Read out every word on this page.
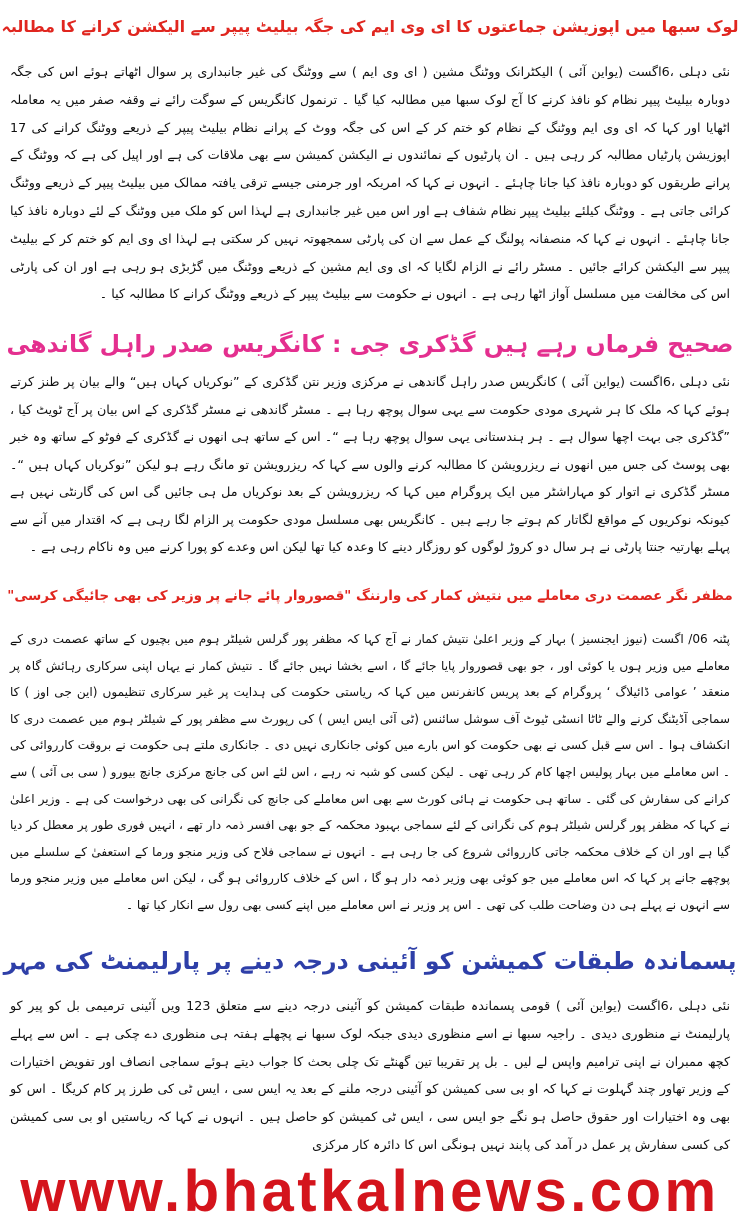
لوک سبھا میں اپوزیشن جماعتوں کا ای وی ایم کی جگہ بیلیٹ پیپر سے الیکشن کرانے کا مطالبہ

نئی دہلی ،6اگست (یواین آئی ) الیکٹرانک ووٹنگ مشین ( ای وی ایم ) سے ووٹنگ کی غیر جانبداری پر سوال اٹھاتے ہوئے اس کی جگہ دوبارہ بیلیٹ پیپر نظام کو نافذ کرنے کا آج لوک سبھا میں مطالبہ کیا گیا ۔ ترنمول کانگریس کے سوگت رائے نے وقفہ صفر میں یہ معاملہ اٹھایا اور کہا کہ ای وی ایم ووٹنگ کے نظام کو ختم کر کے اس کی جگہ ووٹ کے پرانے نظام بیلیٹ پیپر کے ذریعے ووٹنگ کرانے کی 17 اپوزیشن پارٹیاں مطالبہ کر رہی ہیں ۔ ان پارٹیوں کے نمائندوں نے الیکشن کمیشن سے بھی ملاقات کی ہے اور اپیل کی ہے کہ ووٹنگ کے پرانے طریقوں کو دوبارہ نافذ کیا جانا چاہئے ۔ انہوں نے کہا کہ امریکہ اور جرمنی جیسے ترقی یافتہ ممالک میں بیلیٹ پیپر کے ذریعے ووٹنگ کرائی جاتی ہے ۔ ووٹنگ کیلئے بیلیٹ پیپر نظام شفاف ہے اور اس میں غیر جانبداری ہے لہذا اس کو ملک میں ووٹنگ کے لئے دوبارہ نافذ کیا جانا چاہئے ۔ انہوں نے کہا کہ منصفانہ پولنگ کے عمل سے ان کی پارٹی سمجھوتہ نہیں کر سکتی ہے لہذا ای وی ایم کو ختم کر کے بیلیٹ پیپر سے الیکشن کرائے جائیں ۔ مسٹر رائے نے الزام لگایا کہ ای وی ایم مشین کے ذریعے ووٹنگ میں گڑبڑی ہو رہی ہے اور ان کی پارٹی اس کی مخالفت میں مسلسل آواز اٹھا رہی ہے ۔ انہوں نے حکومت سے بیلیٹ پیپر کے ذریعے ووٹنگ کرانے کا مطالبہ کیا ۔

صحیح فرماں رہے ہیں گڈکری جی : کانگریس صدر راہل گاندھی

نئی دہلی ،6اگست (یواین آئی ) کانگریس صدر راہل گاندھی نے مرکزی وزیر نتن گڈکری کے ”نوکریاں کہاں ہیں“ والے بیان پر طنز کرتے ہوئے کہا کہ ملک کا ہر شہری مودی حکومت سے یہی سوال پوچھ رہا ہے ۔ مسٹر گاندھی نے مسٹر گڈکری کے اس بیان پر آج ٹویٹ کیا ، ”گڈکری جی بہت اچھا سوال ہے ۔ ہر ہندستانی یہی سوال پوچھ رہا ہے “۔ اس کے ساتھ ہی انھوں نے گڈکری کے فوٹو کے ساتھ وہ خبر بھی پوسٹ کی جس میں انھوں نے ریزرویشن کا مطالبہ کرنے والوں سے کہا کہ ریزرویشن تو مانگ رہے ہو لیکن ”نوکریاں کہاں ہیں “۔ مسٹر گڈکری نے اتوار کو مہاراشٹر میں ایک پروگرام میں کہا کہ ریزرویشن کے بعد نوکریاں مل ہی جائیں گی اس کی گارنٹی نہیں ہے کیونکہ نوکریوں کے مواقع لگاتار کم ہوتے جا رہے ہیں ۔ کانگریس بھی مسلسل مودی حکومت پر الزام لگا رہی ہے کہ اقتدار میں آنے سے پہلے بھارتیہ جنتا پارٹی نے ہر سال دو کروڑ لوگوں کو روزگار دینے کا وعدہ کیا تھا لیکن اس وعدے کو پورا کرنے میں وہ ناکام رہی ہے ۔

مظفر نگر عصمت دری معاملے میں نتیش کمار کی وارننگ "قصوروار پائے جانے پر وزیر کی بھی جائیگی کرسی"

پٹنہ 06/ اگست (نیوز ایجنسیز ) بہار کے وزیر اعلیٰ نتیش کمار نے آج کہا کہ مظفر پور گرلس شیلٹر ہوم میں بچیوں کے ساتھ عصمت دری کے معاملے میں وزیر ہوں یا کوئی اور ، جو بھی قصوروار پایا جائے گا ، اسے بخشا نہیں جائے گا ۔ نتیش کمار نے یہاں اپنی سرکاری رہائش گاہ پر منعقد ’ عوامی ڈائیلاگ ‘ پروگرام کے بعد پریس کانفرنس میں کہا کہ ریاستی حکومت کی ہدایت پر غیر سرکاری تنظیموں (این جی اوز ) کا سماجی آڈیٹنگ کرنے والے ٹاٹا انسٹی ٹیوٹ آف سوشل سائنس (ٹی آئی ایس ایس ) کی رپورٹ سے مظفر پور کے شیلٹر ہوم میں عصمت دری کا انکشاف ہوا ۔ اس سے قبل کسی نے بھی حکومت کو اس بارے میں کوئی جانکاری نہیں دی ۔ جانکاری ملتے ہی حکومت نے بروقت کارروائی کی ۔ اس معاملے میں بہار پولیس اچھا کام کر رہی تھی ۔ لیکن کسی کو شبہ نہ رہے ، اس لئے اس کی جانچ مرکزی جانچ بیورو ( سی بی آئی ) سے کرانے کی سفارش کی گئی ۔ ساتھ ہی حکومت نے ہائی کورٹ سے بھی اس معاملے کی جانچ کی نگرانی کی بھی درخواست کی ہے ۔ وزیر اعلیٰ نے کہا کہ مظفر پور گرلس شیلٹر ہوم کی نگرانی کے لئے سماجی بہبود محکمہ کے جو بھی افسر ذمہ دار تھے ، انہیں فوری طور پر معطل کر دیا گیا ہے اور ان کے خلاف محکمہ جاتی کارروائی شروع کی جا رہی ہے ۔ انہوں نے سماجی فلاح کی وزیر منجو ورما کے استعفیٰ کے سلسلے میں پوچھے جانے پر کہا کہ اس معاملے میں جو کوئی بھی وزیر ذمہ دار ہو گا ، اس کے خلاف کارروائی ہو گی ، لیکن اس معاملے میں وزیر منجو ورما سے انہوں نے پہلے ہی دن وضاحت طلب کی تھی ۔ اس پر وزیر نے اس معاملے میں اپنے کسی بھی رول سے انکار کیا تھا ۔

پسماندہ طبقات کمیشن کو آئینی درجہ دینے پر پارلیمنٹ کی مہر

نئی دہلی ،6اگست (یواین آئی ) قومی پسماندہ طبقات کمیشن کو آئینی درجہ دینے سے متعلق 123 ویں آئینی ترمیمی بل کو پیر کو پارلیمنٹ نے منظوری دیدی ۔ راجیہ سبھا نے اسے منظوری دیدی جبکہ لوک سبھا نے پچھلے ہفتہ ہی منظوری دے چکی ہے ۔ اس سے پہلے کچھ ممبران نے اپنی ترامیم واپس لے لیں ۔ بل پر تقریبا تین گھنٹے تک چلی بحث کا جواب دیتے ہوئے سماجی انصاف اور تفویض اختیارات کے وزیر تھاور چند گہلوت نے کہا کہ او بی سی کمیشن کو آئینی درجہ ملنے کے بعد یہ ایس سی ، ایس ٹی کی طرز پر کام کریگا ۔ اس کو بھی وہ اختیارات اور حقوق حاصل ہو نگے جو ایس سی ، ایس ٹی کمیشن کو حاصل ہیں ۔ انہوں نے کہا کہ ریاستیں او بی سی کمیشن کی کسی سفارش پر عمل در آمد کی پابند نہیں ہونگی اس کا دائرہ کار مرکزی

www.bhatkalnews.com
